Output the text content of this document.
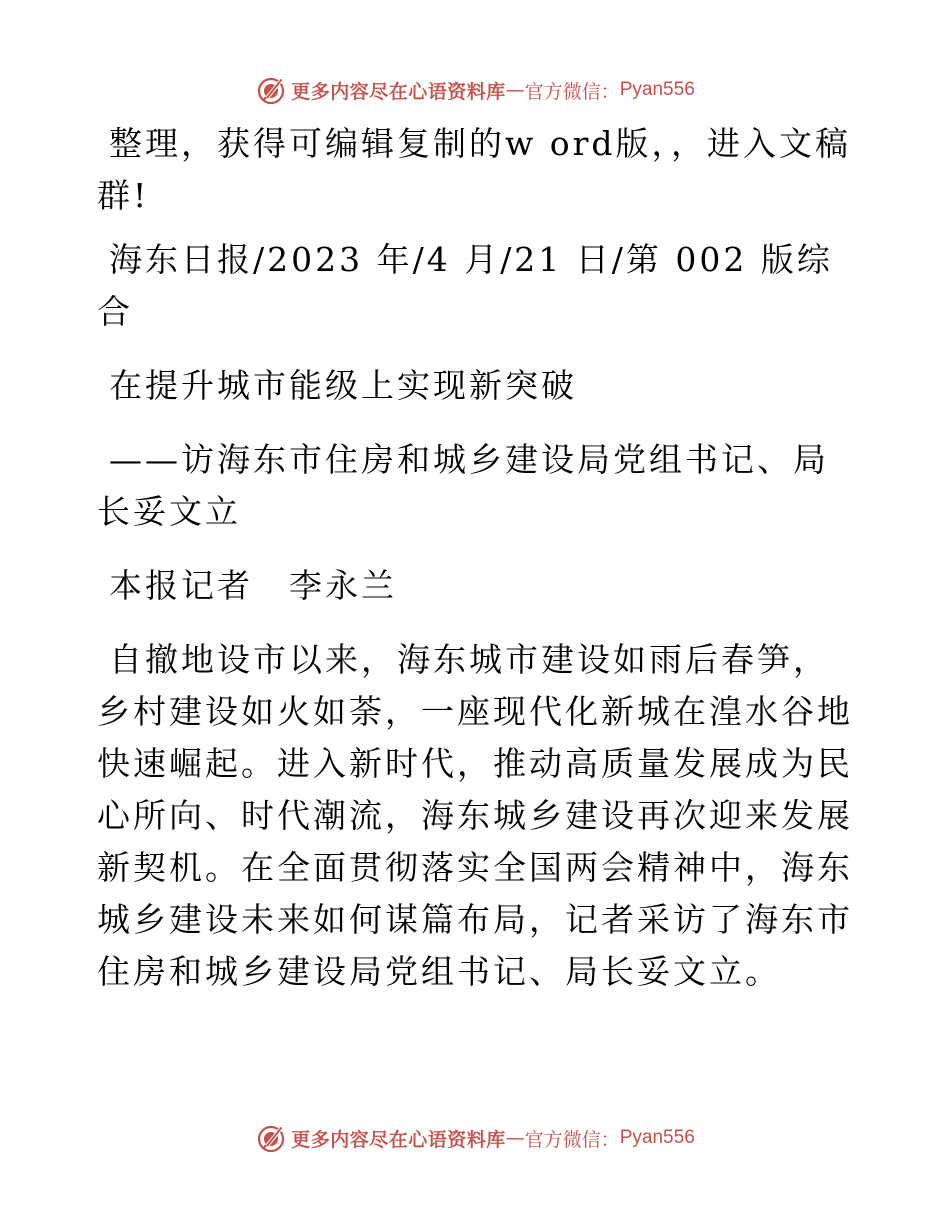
更多内容尽在心语资料库 — 官方微信： Pyan556

整理，获得可编辑复制的w ord版，，进入文稿群!

海东日报/2023 年/4 月/21 日/第 002 版综合

在提升城市能级上实现新突破

——访海东市住房和城乡建设局党组书记、局长妥文立

本报记者　李永兰

自撤地设市以来，海东城市建设如雨后春笋，乡村建设如火如荼，一座现代化新城在湟水谷地快速崛起。进入新时代，推动高质量发展成为民心所向、时代潮流，海东城乡建设再次迎来发展新契机。在全面贯彻落实全国两会精神中，海东城乡建设未来如何谋篇布局，记者采访了海东市住房和城乡建设局党组书记、局长妥文立。

更多内容尽在心语资料库 — 官方微信： Pyan556
